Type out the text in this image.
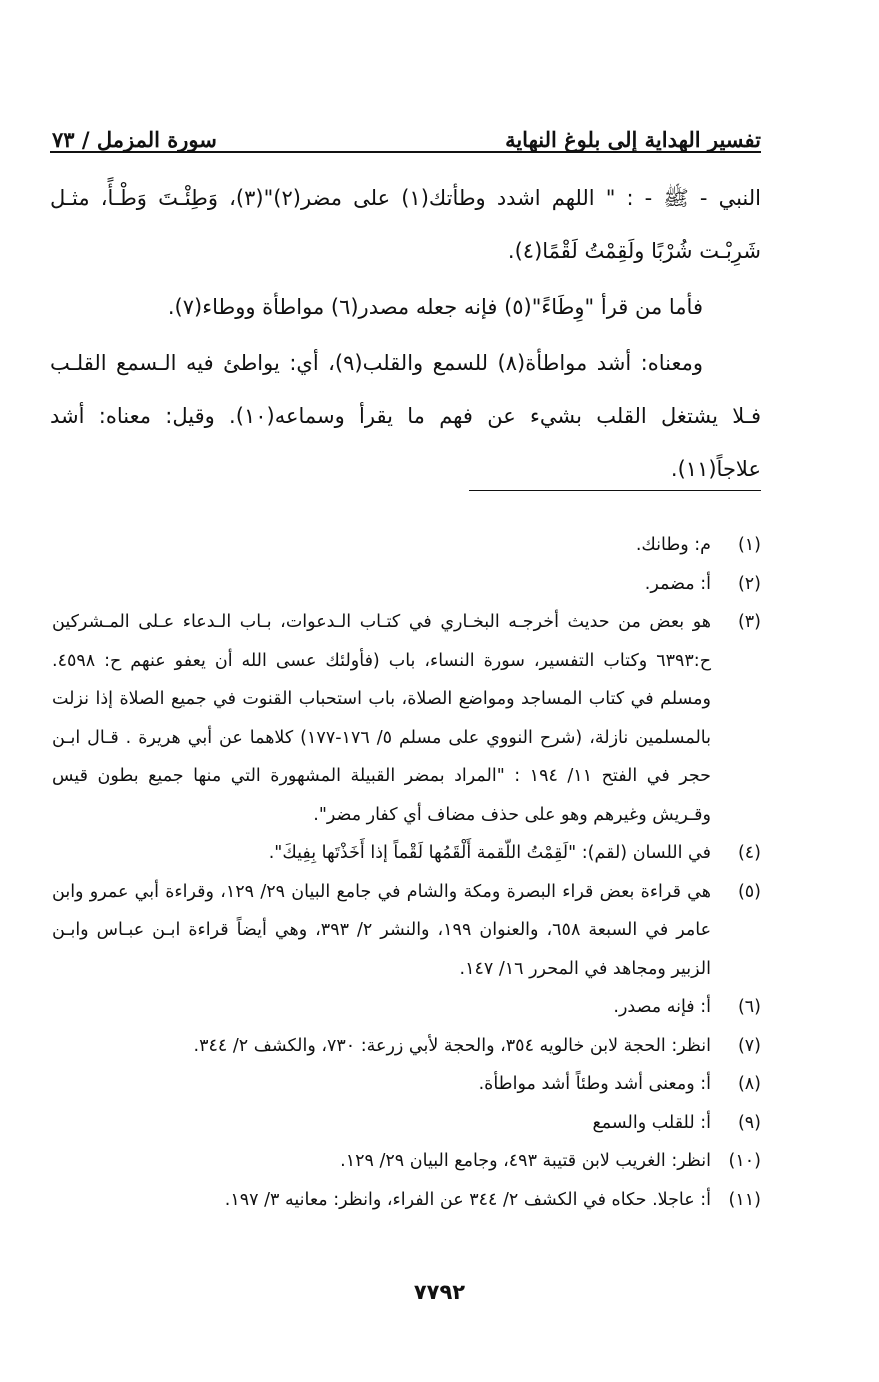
تفسير الهداية إلى بلوغ النهاية
سورة المزمل / ٧٣

النبي - ﷺ - : " اللهم اشدد وطأتك(١) على مضر(٢)"(٣)، وَطِئْـتَ وَطْـأً، مثـل شَرِبْـت شُرْبًا ولَقِمْتُ لَقْمًا(٤).

فأما من قرأ "وِطَاءً"(٥) فإنه جعله مصدر(٦) مواطأة ووطاء(٧).

ومعناه: أشد مواطأة(٨) للسمع والقلب(٩)، أي: يواطئ فيه الـسمع القلـب فـلا يشتغل القلب بشيء عن فهم ما يقرأ وسماعه(١٠). وقيل: معناه: أشد علاجاً(١١).

(١)
م: وطانك.
(٢)
أ: مضمر.
(٣)
هو بعض من حديث أخرجـه البخـاري في كتـاب الـدعوات، بـاب الـدعاء عـلى المـشركين ح:٦٣٩٣ وكتاب التفسير، سورة النساء، باب (فأولئك عسى الله أن يعفو عنهم ح: ٤٥٩٨. ومسلم في كتاب المساجد ومواضع الصلاة، باب استحباب القنوت في جميع الصلاة إذا نزلت بالمسلمين نازلة، (شرح النووي على مسلم ٥/ ١٧٦-١٧٧) كلاهما عن أبي هريرة . قـال ابـن حجر في الفتح ١١/ ١٩٤ : "المراد بمضر القبيلة المشهورة التي منها جميع بطون قيس وقـريش وغيرهم وهو على حذف مضاف أي كفار مضر".
(٤)
في اللسان (لقم): "لَقِمْتُ اللّقمة أَلْقَمُها لَقْماً إذا أَخَذْتَها بِفِيكَ".
(٥)
هي قراءة بعض قراء البصرة ومكة والشام في جامع البيان ٢٩/ ١٢٩، وقراءة أبي عمرو وابن عامر في السبعة ٦٥٨، والعنوان ١٩٩، والنشر ٢/ ٣٩٣، وهي أيضاً قراءة ابـن عبـاس وابـن الزبير ومجاهد في المحرر ١٦/ ١٤٧.
(٦)
أ: فإنه مصدر.
(٧)
انظر: الحجة لابن خالويه ٣٥٤، والحجة لأبي زرعة: ٧٣٠، والكشف ٢/ ٣٤٤.
(٨)
أ: ومعنى أشد وطئاً أشد مواطأة.
(٩)
أ: للقلب والسمع
(١٠)
انظر: الغريب لابن قتيبة ٤٩٣، وجامع البيان ٢٩/ ١٢٩.
(١١)
أ: عاجلا. حكاه في الكشف ٢/ ٣٤٤ عن الفراء، وانظر: معانيه ٣/ ١٩٧.
٧٧٩٢
